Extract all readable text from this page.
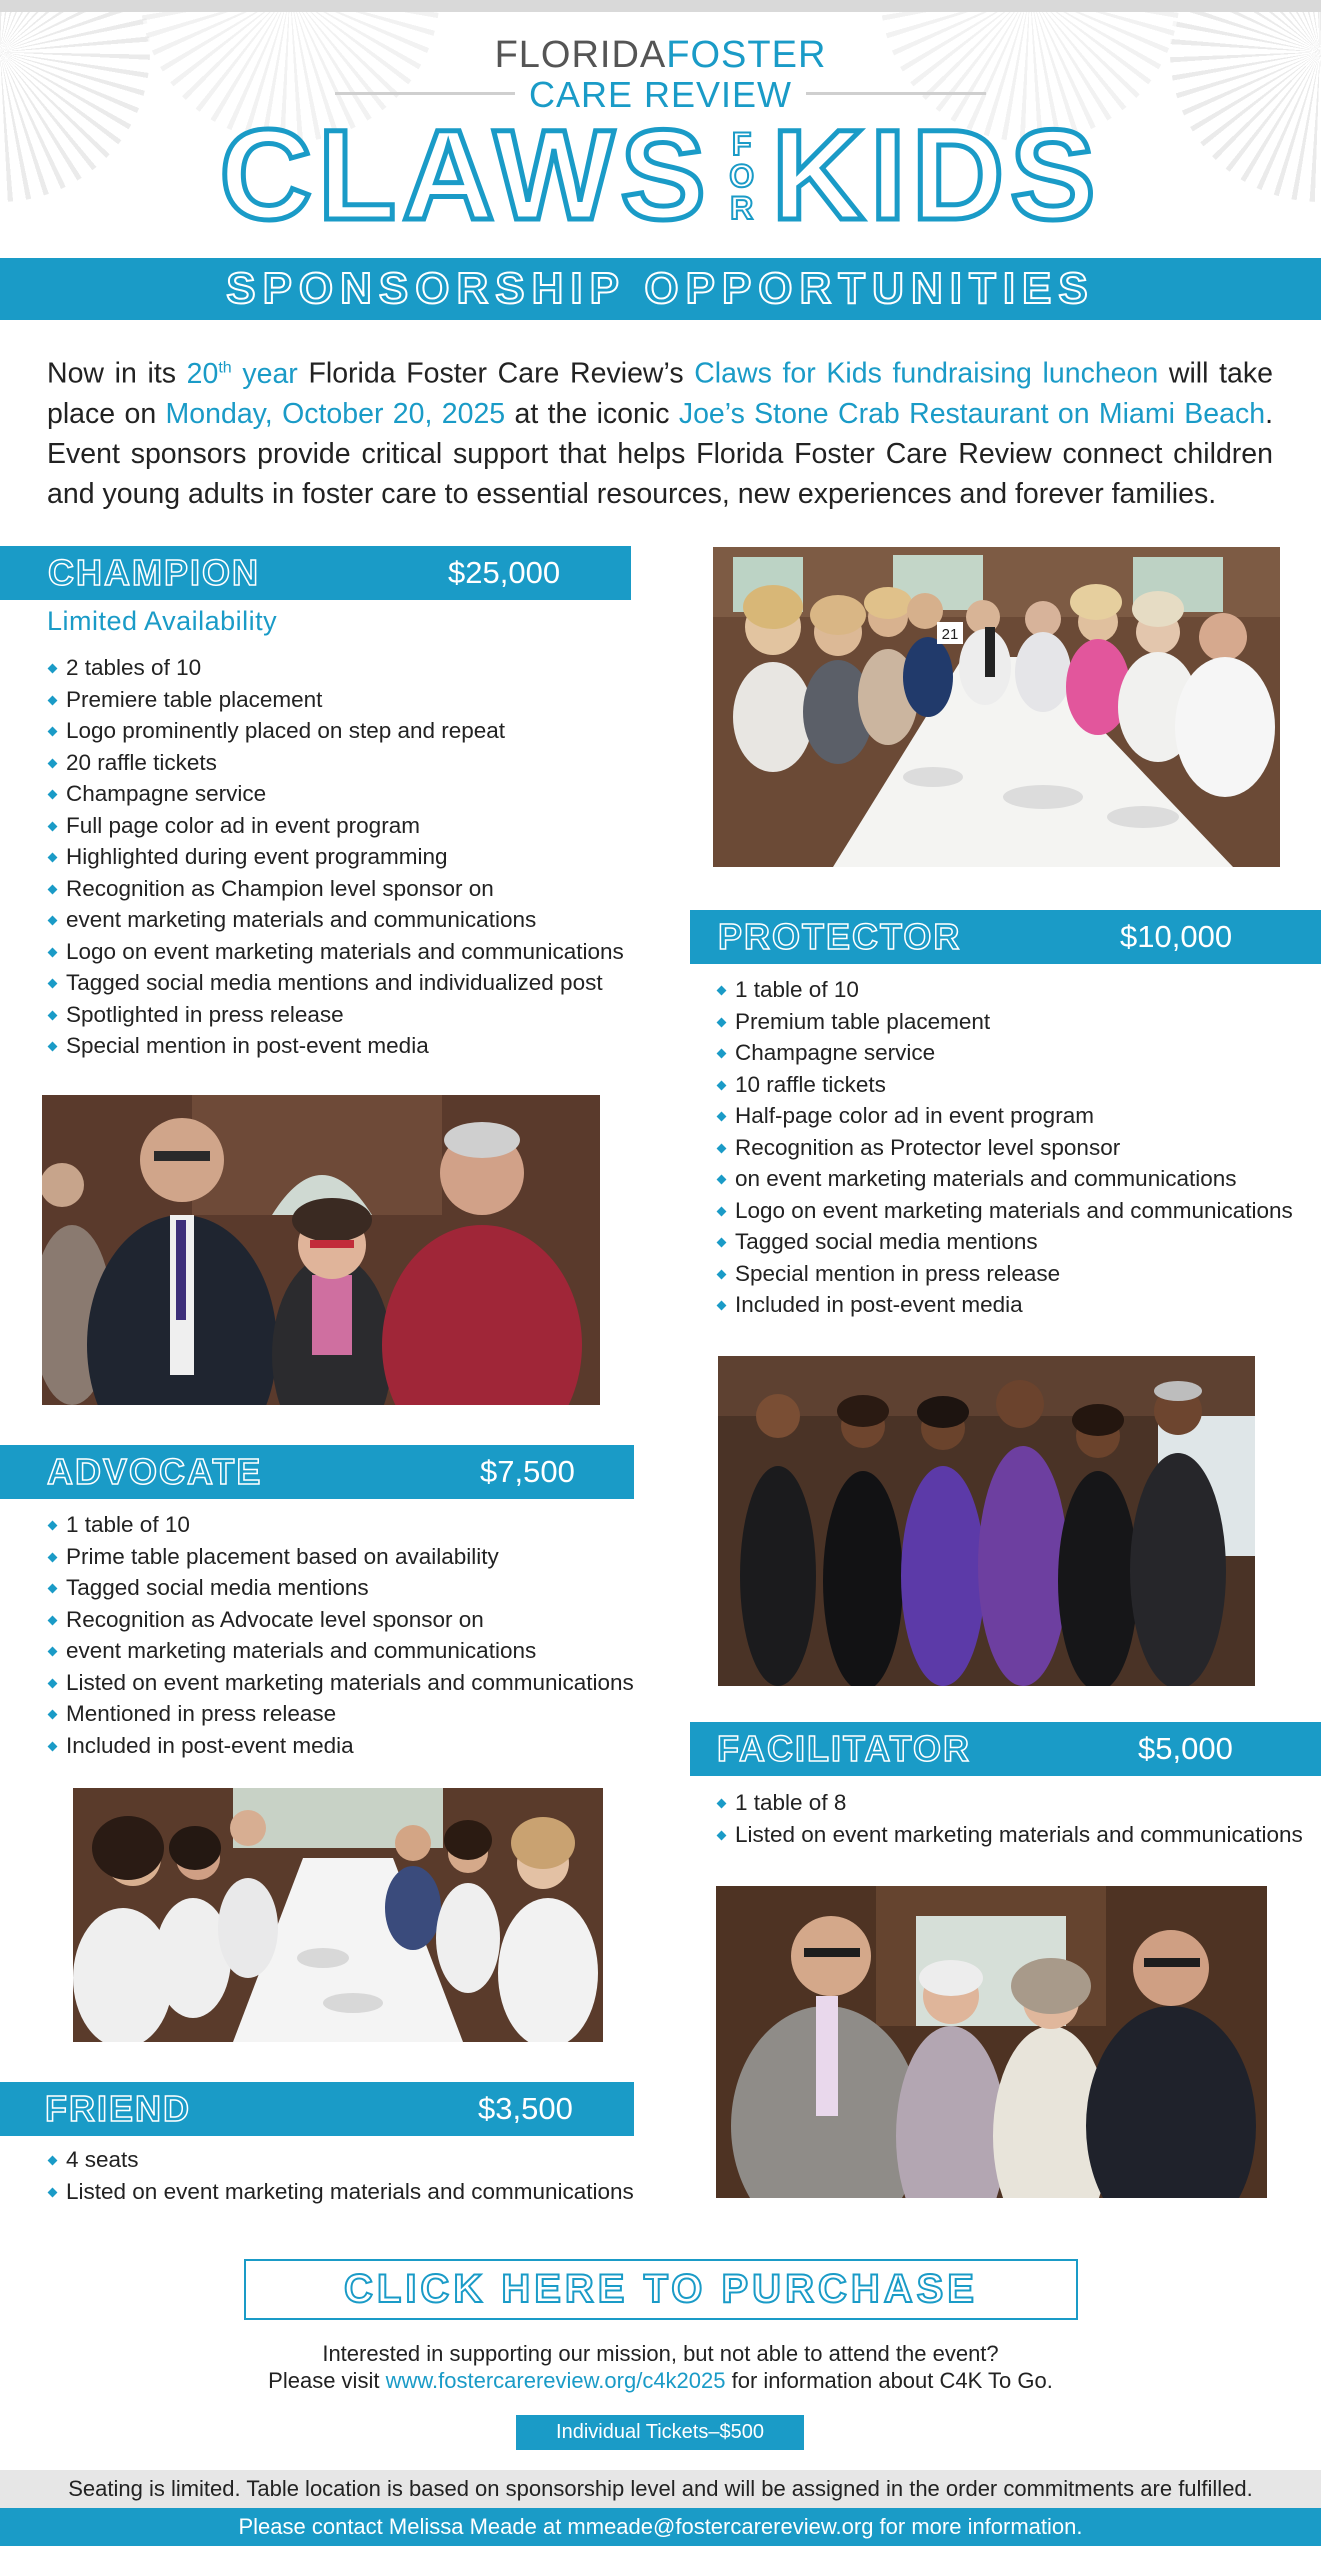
FLORIDAFOSTER
CARE REVIEW
CLAWS F
O
R KIDS
SPONSORSHIP OPPORTUNITIES
Now in its 20th year Florida Foster Care Review’s Claws for Kids fundraising luncheon will take place on Monday, October 20, 2025 at the iconic Joe’s Stone Crab Restaurant on Miami Beach. Event sponsors provide critical support that helps Florida Foster Care Review connect children and young adults in foster care to essential resources, new experiences and forever families.
CHAMPION	$25,000
Limited Availability
2 tables of 10
Premiere table placement
Logo prominently placed on step and repeat
20 raffle tickets
Champagne service
Full page color ad in event program
Highlighted during event programming
Recognition as Champion level sponsor on
event marketing materials and communications
Logo on event marketing materials and communications
Tagged social media mentions and individualized post
Spotlighted in press release
Special mention in post-event media
21
PROTECTOR	$10,000
1 table of 10
Premium table placement
Champagne service
10 raffle tickets
Half-page color ad in event program
Recognition as Protector level sponsor
on event marketing materials and communications
Logo on event marketing materials and communications
Tagged social media mentions
Special mention in press release
Included in post-event media
ADVOCATE	$7,500
1 table of 10
Prime table placement based on availability
Tagged social media mentions
Recognition as Advocate level sponsor on
event marketing materials and communications
Listed on event marketing materials and communications
Mentioned in press release
Included in post-event media	FACILITATOR	$5,000
1 table of 8
Listed on event marketing materials and communications
FRIEND	$3,500
4 seats
Listed on event marketing materials and communications
CLICK HERE TO PURCHASE
Interested in supporting our mission, but not able to attend the event?
Please visit www.fostercarereview.org/c4k2025 for information about C4K To Go.
Individual Tickets–$500
Seating is limited. Table location is based on sponsorship level and will be assigned in the order commitments are fulfilled.
Please contact Melissa Meade at mmeade@fostercarereview.org for more information.
